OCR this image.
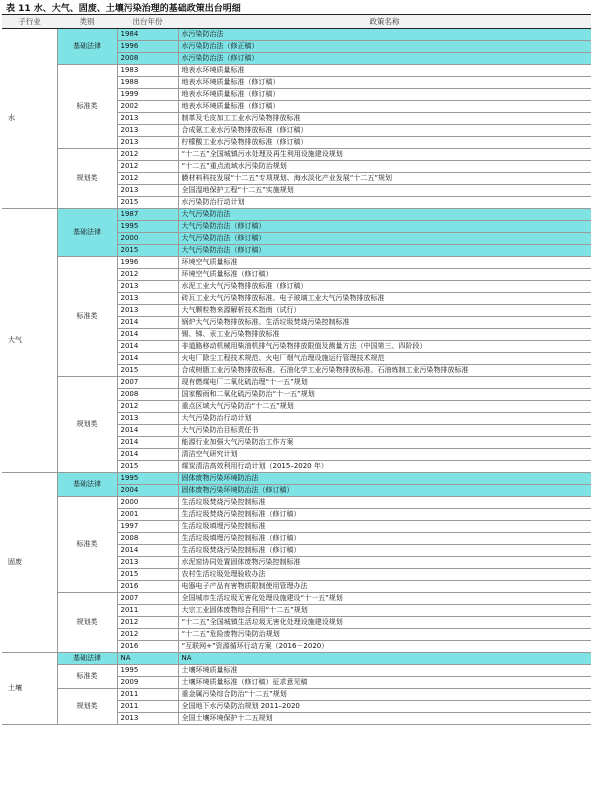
表 11 水、大气、固废、土壤污染治理的基础政策出台明细
子行业	类别	出台年份	政策名称
水	基础法律	1984	水污染防治法
		1996	水污染防治法（修正稿）
		2008	水污染防治法（修订稿）
	标准类	1983	地表水环境质量标准
		1988	地表水环境质量标准（修订稿）
		1999	地表水环境质量标准（修订稿）
		2002	地表水环境质量标准（修订稿）
		2013	制革及毛皮加工工业水污染物排放标准
		2013	合成氨工业水污染物排放标准（修订稿）
		2013	柠檬酸工业水污染物排放标准（修订稿）
	规划类	2012	“十二五”全国城镇污水处理及再生利用设施建设规划
		2012	“十二五”重点流域水污染防治规划
		2012	膜材料科技发展“十二五”专项规划、海水淡化产业发展“十二五”规划
		2013	全国湿地保护工程“十二五”实施规划
		2015	水污染防治行动计划
大气	基础法律	1987	大气污染防治法
		1995	大气污染防治法（修订稿）
		2000	大气污染防治法（修订稿）
		2015	大气污染防治法（修订稿）
	标准类	1996	环境空气质量标准
		2012	环境空气质量标准（修订稿）
		2013	水泥工业大气污染物排放标准（修订稿）
		2013	砖瓦工业大气污染物排放标准、电子玻璃工业大气污染物排放标准
		2013	大气颗粒物来源解析技术指南（试行）
		2014	锅炉大气污染物排放标准、生活垃圾焚烧污染控制标准
		2014	锡、锑、汞工业污染物排放标准
		2014	非道路移动机械用柴油机排气污染物排放限值及测量方法（中国第三、四阶段）
		2014	火电厂除尘工程技术规范、火电厂烟气治理设施运行管理技术规范
		2015	合成树脂工业污染物排放标准、石油化学工业污染物排放标准、石油炼制工业污染物排放标准
	规划类	2007	现有燃煤电厂二氧化硫治理“十一五”规划
		2008	国家酸雨和二氧化硫污染防治“十一五”规划
		2012	重点区域大气污染防治“十二五”规划
		2013	大气污染防治行动计划
		2014	大气污染防治目标责任书
		2014	能源行业加强大气污染防治工作方案
		2014	清洁空气研究计划
		2015	煤炭清洁高效利用行动计划（2015–2020 年）
固废	基础法律	1995	固体废物污染环境防治法
		2004	固体废物污染环境防治法（修订稿）
	标准类	2000	生活垃圾焚烧污染控制标准
		2001	生活垃圾焚烧污染控制标准（修订稿）
		1997	生活垃圾填埋污染控制标准
		2008	生活垃圾填埋污染控制标准（修订稿）
		2014	生活垃圾焚烧污染控制标准（修订稿）
		2013	水泥窑协同处置固体废物污染控制标准
		2015	农村生活垃圾处理验收办法
		2016	电器电子产品有害物质限制使用管理办法
	规划类	2007	全国城市生活垃圾无害化处理设施建设“十一五”规划
		2011	大宗工业固体废物综合利用“十二五”规划
		2012	“十二五”全国城镇生活垃圾无害化处理设施建设规划
		2012	“十二五”危险废物污染防治规划
		2016	“互联网+”资源循环行动方案（2016－2020）
土壤	基础法律	NA	NA
	标准类	1995	土壤环境质量标准
		2009	土壤环境质量标准（修订稿）征求意见稿
	规划类	2011	重金属污染综合防治“十二五”规划
		2011	全国地下水污染防治规划 2011–2020
		2013	全国土壤环境保护十二五规划
